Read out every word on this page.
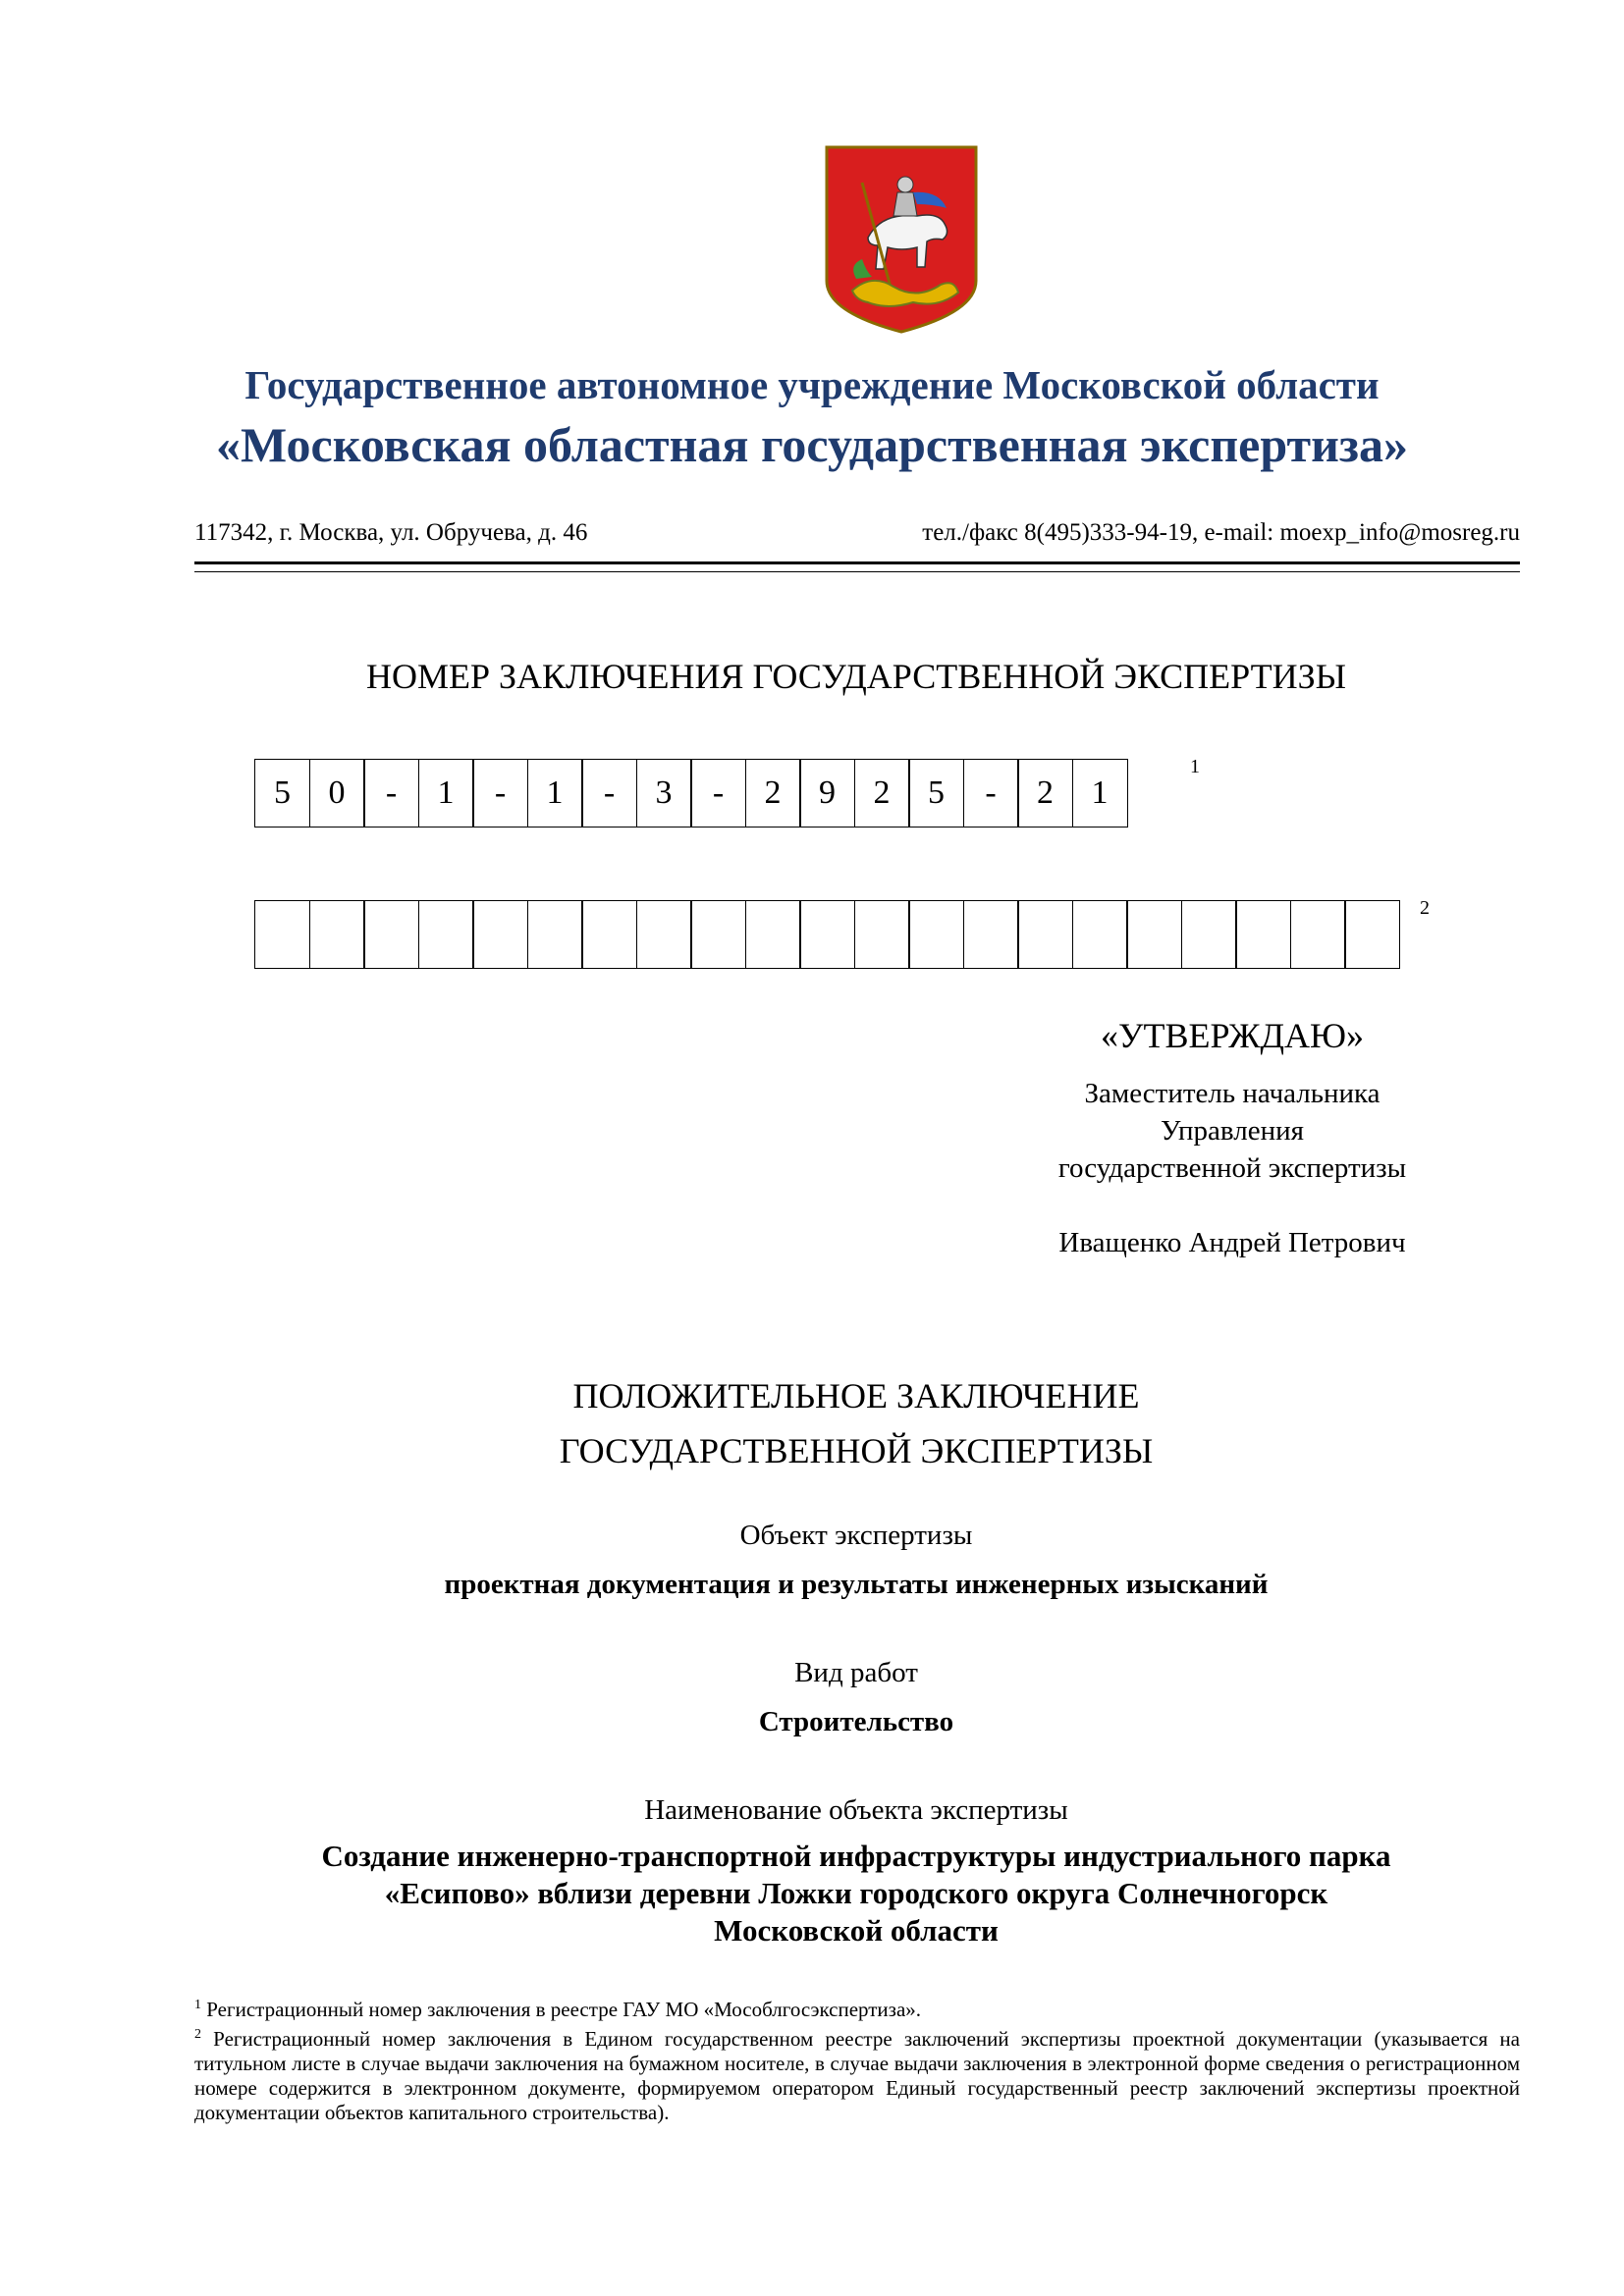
Государственное автономное учреждение Московской области
«Московская областная государственная экспертиза»
117342, г. Москва, ул. Обручева, д. 46	тел./факс 8(495)333-94-19, e-mail: moexp_info@mosreg.ru
НОМЕР ЗАКЛЮЧЕНИЯ ГОСУДАРСТВЕННОЙ ЭКСПЕРТИЗЫ
5	0	-	1	-	1	-	3	-	2	9	2	5	-	2	1
1
2
«УТВЕРЖДАЮ»
Заместитель начальника
Управления
государственной экспертизы
Иващенко Андрей Петрович
ПОЛОЖИТЕЛЬНОЕ ЗАКЛЮЧЕНИЕ
ГОСУДАРСТВЕННОЙ ЭКСПЕРТИЗЫ
Объект экспертизы
проектная документация и результаты инженерных изысканий
Вид работ
Строительство
Наименование объекта экспертизы
Создание инженерно-транспортной инфраструктуры индустриального парка
«Есипово» вблизи деревни Ложки городского округа Солнечногорск
Московской области

$^1$ Регистрационный номер заключения в реестре ГАУ МО «Мособлгосэкспертиза».

$^2$ Регистрационный номер заключения в Едином государственном реестре заключений экспертизы проектной документации (указывается на титульном листе в случае выдачи заключения на бумажном носителе, в случае выдачи заключения в электронной форме сведения о регистрационном номере содержится в электронном документе, формируемом оператором Единый государственный реестр заключений экспертизы проектной документации объектов капитального строительства).
